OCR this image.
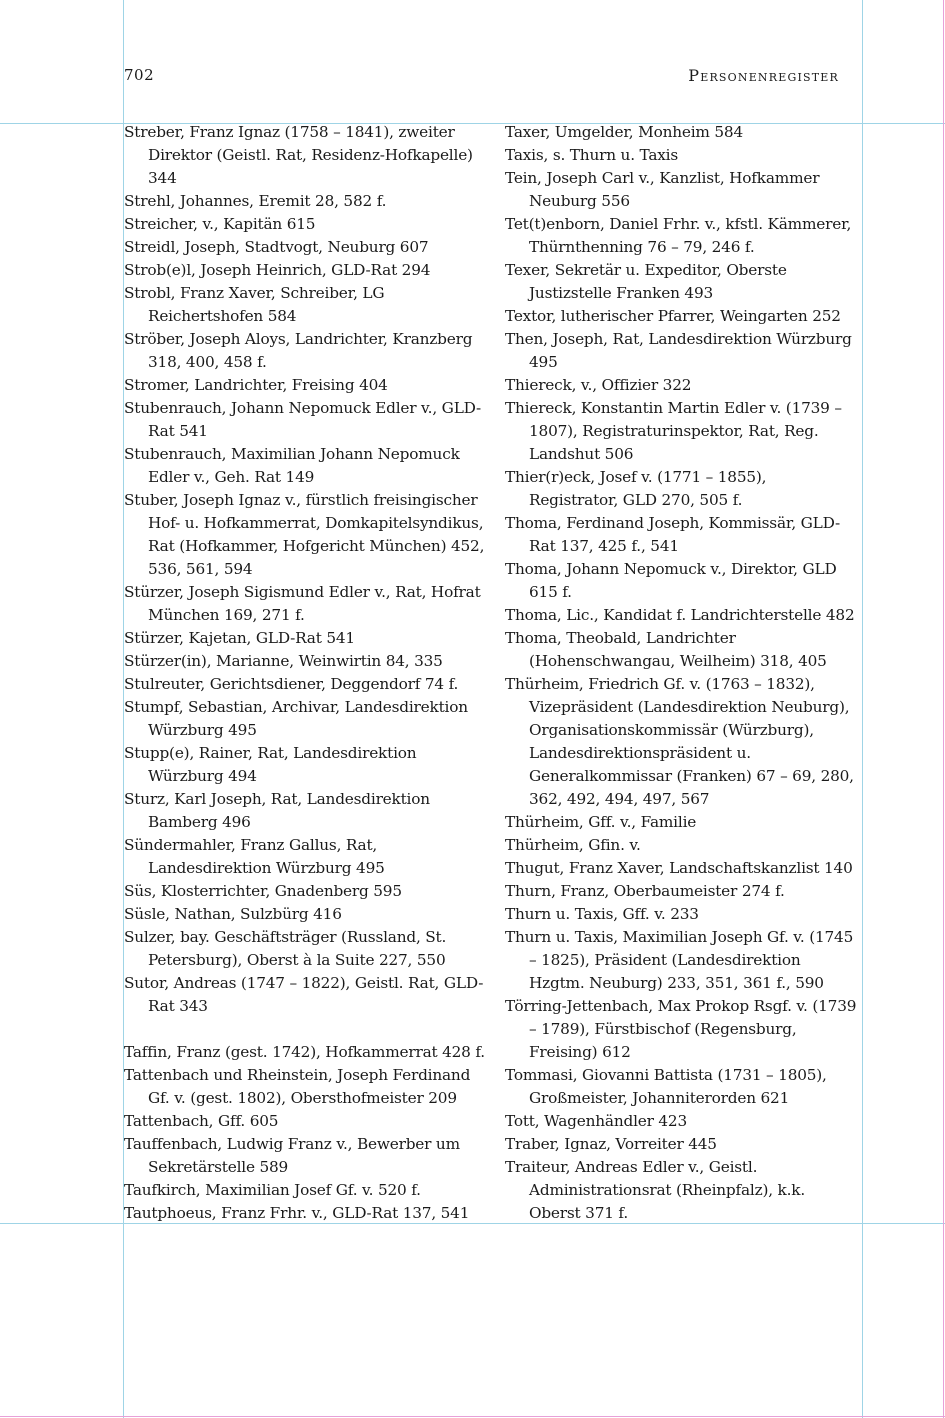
702	Personenregister

Streber, Franz Ignaz (1758 – 1841), zweiter Direktor (Geistl. Rat, Residenz-Hofkapelle) 344

Strehl, Johannes, Eremit 28, 582 f.

Streicher, v., Kapitän 615

Streidl, Joseph, Stadtvogt, Neuburg 607

Strob(e)l, Joseph Heinrich, GLD-Rat 294

Strobl, Franz Xaver, Schreiber, LG Reichertshofen 584

Ströber, Joseph Aloys, Landrichter, Kranzberg 318, 400, 458 f.

Stromer, Landrichter, Freising 404

Stubenrauch, Johann Nepomuck Edler v., GLD-Rat 541

Stubenrauch, Maximilian Johann Nepomuck Edler v., Geh. Rat 149

Stuber, Joseph Ignaz v., fürstlich freisingischer Hof- u. Hofkammerrat, Domkapitelsyndikus, Rat (Hofkammer, Hofgericht München) 452, 536, 561, 594

Stürzer, Joseph Sigismund Edler v., Rat, Hofrat München 169, 271 f.

Stürzer, Kajetan, GLD-Rat 541

Stürzer(in), Marianne, Weinwirtin 84, 335

Stulreuter, Gerichtsdiener, Deggendorf 74 f.

Stumpf, Sebastian, Archivar, Landesdirektion Würzburg 495

Stupp(e), Rainer, Rat, Landesdirektion Würzburg 494

Sturz, Karl Joseph, Rat, Landesdirektion Bamberg 496

Sündermahler, Franz Gallus, Rat, Landesdirektion Würzburg 495

Süs, Klosterrichter, Gnadenberg 595

Süsle, Nathan, Sulzbürg 416

Sulzer, bay. Geschäftsträger (Russland, St. Petersburg), Oberst à la Suite 227, 550

Sutor, Andreas (1747 – 1822), Geistl. Rat, GLD-Rat 343

Taffin, Franz (gest. 1742), Hofkammerrat 428 f.

Tattenbach und Rheinstein, Joseph Ferdinand Gf. v. (gest. 1802), Obersthofmeister 209

Tattenbach, Gff. 605

Tauffenbach, Ludwig Franz v., Bewerber um Sekretärstelle 589

Taufkirch, Maximilian Josef Gf. v. 520 f.

Tautphoeus, Franz Frhr. v., GLD-Rat 137, 541

Taxer, Umgelder, Monheim 584

Taxis, s. Thurn u. Taxis

Tein, Joseph Carl v., Kanzlist, Hofkammer Neuburg 556

Tet(t)enborn, Daniel Frhr. v., kfstl. Kämmerer, Thürnthenning 76 – 79, 246 f.

Texer, Sekretär u. Expeditor, Oberste Justizstelle Franken 493

Textor, lutherischer Pfarrer, Weingarten 252

Then, Joseph, Rat, Landesdirektion Würzburg 495

Thiereck, v., Offizier 322

Thiereck, Konstantin Martin Edler v. (1739 – 1807), Registraturinspektor, Rat, Reg. Landshut 506

Thier(r)eck, Josef v. (1771 – 1855), Registrator, GLD 270, 505 f.

Thoma, Ferdinand Joseph, Kommissär, GLD-Rat 137, 425 f., 541

Thoma, Johann Nepomuck v., Direktor, GLD 615 f.

Thoma, Lic., Kandidat f. Landrichterstelle 482

Thoma, Theobald, Landrichter (Hohenschwangau, Weilheim) 318, 405

Thürheim, Friedrich Gf. v. (1763 – 1832), Vizepräsident (Landesdirektion Neuburg), Organisationskommissär (Würzburg), Landesdirektionspräsident u. Generalkommissar (Franken) 67 – 69, 280, 362, 492, 494, 497, 567

Thürheim, Gff. v., Familie

Thürheim, Gfin. v.

Thugut, Franz Xaver, Landschaftskanzlist 140

Thurn, Franz, Oberbaumeister 274 f.

Thurn u. Taxis, Gff. v. 233

Thurn u. Taxis, Maximilian Joseph Gf. v. (1745 – 1825), Präsident (Landesdirektion Hzgtm. Neuburg) 233, 351, 361 f., 590

Törring-Jettenbach, Max Prokop Rsgf. v. (1739 – 1789), Fürstbischof (Regensburg, Freising) 612

Tommasi, Giovanni Battista (1731 – 1805), Großmeister, Johanniterorden 621

Tott, Wagenhändler 423

Traber, Ignaz, Vorreiter 445

Traiteur, Andreas Edler v., Geistl. Administrationsrat (Rheinpfalz), k.k. Oberst 371 f.
